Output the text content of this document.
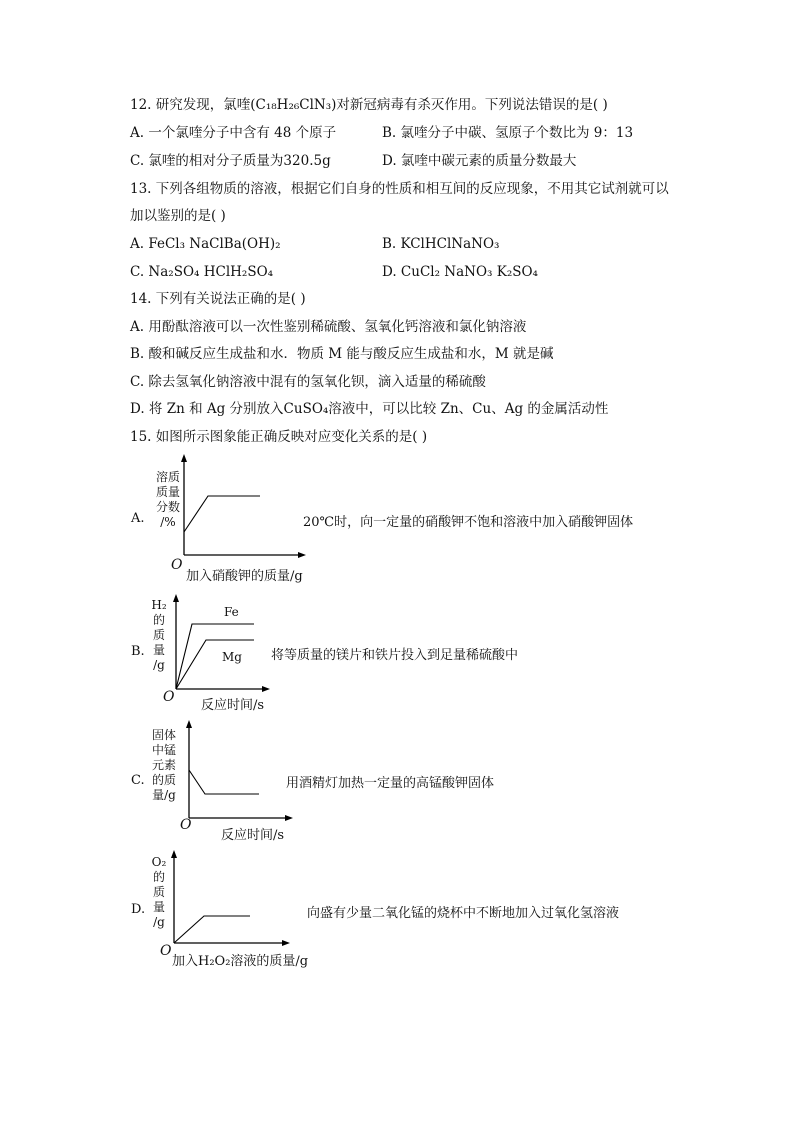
12. 研究发现，氯喹(C₁₈H₂₆ClN₃)对新冠病毒有杀灭作用。下列说法错误的是( )
A. 一个氯喹分子中含有 48 个原子	B. 氯喹分子中碳、氢原子个数比为 9：13
C. 氯喹的相对分子质量为320.5g	D. 氯喹中碳元素的质量分数最大
13. 下列各组物质的溶液，根据它们自身的性质和相互间的反应现象，不用其它试剂就可以
加以鉴别的是( )
A. FeCl₃ NaClBa(OH)₂	B. KClHClNaNO₃
C. Na₂SO₄ HClH₂SO₄	D. CuCl₂ NaNO₃ K₂SO₄
14. 下列有关说法正确的是( )
A. 用酚酞溶液可以一次性鉴别稀硫酸、氢氧化钙溶液和氯化钠溶液
B. 酸和碱反应生成盐和水．物质 M 能与酸反应生成盐和水，M 就是碱
C. 除去氢氧化钠溶液中混有的氢氧化钡，滴入适量的稀硫酸
D. 将 Zn 和 Ag 分别放入CuSO₄溶液中，可以比较 Zn、Cu、Ag 的金属活动性
15. 如图所示图象能正确反映对应变化关系的是( )
A.
溶质
质量
分数
/%
O
加入硝酸钾的质量/g
20℃时，向一定量的硝酸钾不饱和溶液中加入硝酸钾固体
B.
H₂
的
质
量
/g
Fe
Mg
O
反应时间/s
将等质量的镁片和铁片投入到足量稀硫酸中
C.
固体
中锰
元素
的质
量/g
O
反应时间/s
用酒精灯加热一定量的高锰酸钾固体
D.
O₂
的
质
量
/g
O
加入H₂O₂溶液的质量/g
向盛有少量二氧化锰的烧杯中不断地加入过氧化氢溶液
